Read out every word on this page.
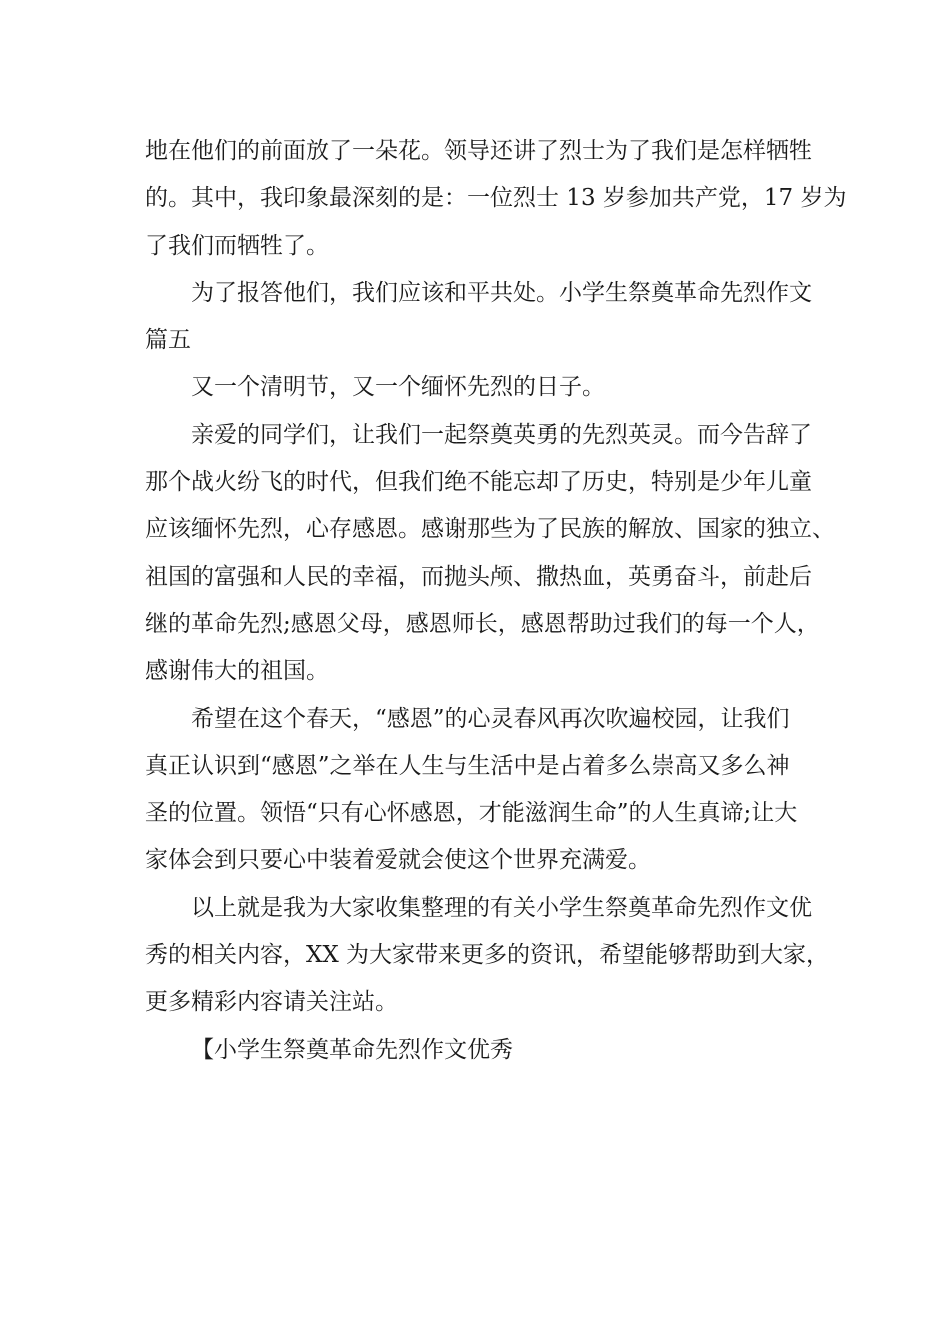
地在他们的前面放了一朵花。领导还讲了烈士为了我们是怎样牺牲
的。其中，我印象最深刻的是：一位烈士 13 岁参加共产党，17 岁为
了我们而牺牲了。
为了报答他们，我们应该和平共处。小学生祭奠革命先烈作文
篇五
又一个清明节，又一个缅怀先烈的日子。
亲爱的同学们，让我们一起祭奠英勇的先烈英灵。而今告辞了
那个战火纷飞的时代，但我们绝不能忘却了历史，特别是少年儿童
应该缅怀先烈，心存感恩。感谢那些为了民族的解放、国家的独立、
祖国的富强和人民的幸福，而抛头颅、撒热血，英勇奋斗，前赴后
继的革命先烈;感恩父母，感恩师长，感恩帮助过我们的每一个人，
感谢伟大的祖国。
希望在这个春天，“感恩”的心灵春风再次吹遍校园，让我们
真正认识到“感恩”之举在人生与生活中是占着多么崇高又多么神
圣的位置。领悟“只有心怀感恩，才能滋润生命”的人生真谛;让大
家体会到只要心中装着爱就会使这个世界充满爱。
以上就是我为大家收集整理的有关小学生祭奠革命先烈作文优
秀的相关内容，XX 为大家带来更多的资讯，希望能够帮助到大家，
更多精彩内容请关注站。
【小学生祭奠革命先烈作文优秀
